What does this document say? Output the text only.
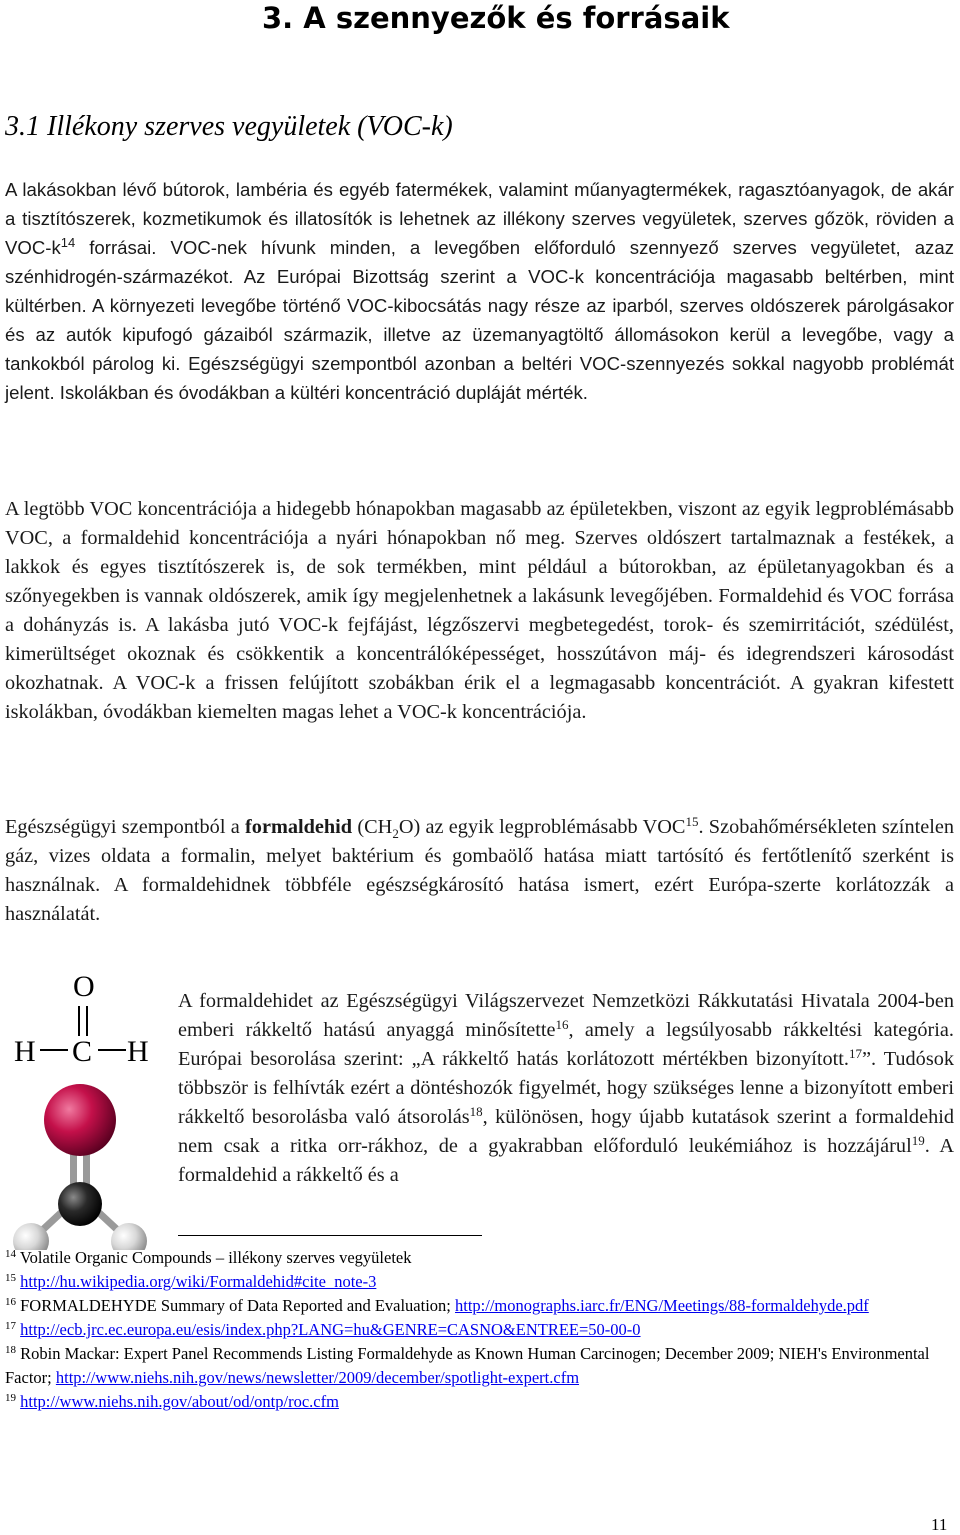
3. A szennyezők és forrásaik
3.1 Illékony szerves vegyületek (VOC-k)

A lakásokban lévő bútorok, lambéria és egyéb fatermékek, valamint műanyagtermékek, ragasztóanyagok, de akár a tisztítószerek, kozmetikumok és illatosítók is lehetnek az illékony szerves vegyületek, szerves gőzök, röviden a VOC-$k^{14}$ forrásai. VOC-nek hívunk minden, a levegőben előforduló szennyező szerves vegyületet, azaz szénhidrogén-származékot. Az Európai Bizottság szerint a VOC-k koncentrációja magasabb beltérben, mint kültérben. A környezeti levegőbe történő VOC-kibocsátás nagy része az iparból, szerves oldószerek párolgásakor és az autók kipufogó gázaiból származik, illetve az üzemanyagtöltő állomásokon kerül a levegőbe, vagy a tankokból párolog ki. Egészségügyi szempontból azonban a beltéri VOC-szennyezés sokkal nagyobb problémát jelent. Iskolákban és óvodákban a kültéri koncentráció dupláját mérték.

A legtöbb VOC koncentrációja a hidegebb hónapokban magasabb az épületekben, viszont az egyik legproblémásabb VOC, a formaldehid koncentrációja a nyári hónapokban nő meg. Szerves oldószert tartalmaznak a festékek, a lakkok és egyes tisztítószerek is, de sok termékben, mint például a bútorokban, az épületanyagokban és a szőnyegekben is vannak oldószerek, amik így megjelenhetnek a lakásunk levegőjében. Formaldehid és VOC forrása a dohányzás is. A lakásba jutó VOC-k fejfájást, légzőszervi megbetegedést, torok- és szemirritációt, szédülést, kimerültséget okoznak és csökkentik a koncentrálóképességet, hosszútávon máj- és idegrendszeri károsodást okozhatnak. A VOC-k a frissen felújított szobákban érik el a legmagasabb koncentrációt. A gyakran kifestett iskolákban, óvodákban kiemelten magas lehet a VOC-k koncentrációja.

Egészségügyi szempontból a formaldehid $(CH_2O)$ az egyik legproblémásabb VOC$^{15}$. Szobahőmérsékleten színtelen gáz, vizes oldata a formalin, melyet baktérium és gombaölő hatása miatt tartósító és fertőtlenítő szerként is használnak. A formaldehidnek többféle egészségkárosító hatása ismert, ezért Európa-szerte korlátozzák a használatát.

O
H C H

A formaldehidet az Egészségügyi Világszervezet Nemzetközi Rákkutatási Hivatala 2004-ben emberi rákkeltő hatású anyaggá minősítette$^{16}$, amely a legsúlyosabb rákkeltési kategória. Európai besorolása szerint: „A rákkeltő hatás korlátozott mértékben bizonyított.$^{17}$”. Tudósok többször is felhívták ezért a döntéshozók figyelmét, hogy szükséges lenne a bizonyított emberi rákkeltő besorolásba való átsorolás$^{18}$, különösen, hogy újabb kutatások szerint a formaldehid nem csak a ritka orr-rákhoz, de a gyakrabban előforduló leukémiához is hozzájárul$^{19}$. A formaldehid a rákkeltő és a

$^{14}$ Volatile Organic Compounds – illékony szerves vegyületek

$^{15}$ http://hu.wikipedia.org/wiki/Formaldehid#cite_note-3

$^{16}$ FORMALDEHYDE Summary of Data Reported and Evaluation; http://monographs.iarc.fr/ENG/Meetings/88-formaldehyde.pdf

$^{17}$ http://ecb.jrc.ec.europa.eu/esis/index.php?LANG=hu&GENRE=CASNO&ENTREE=50-00-0

$^{18}$ Robin Mackar: Expert Panel Recommends Listing Formaldehyde as Known Human Carcinogen; December 2009; NIEH's Environmental Factor; http://www.niehs.nih.gov/news/newsletter/2009/december/spotlight-expert.cfm

$^{19}$ http://www.niehs.nih.gov/about/od/ontp/roc.cfm

11
